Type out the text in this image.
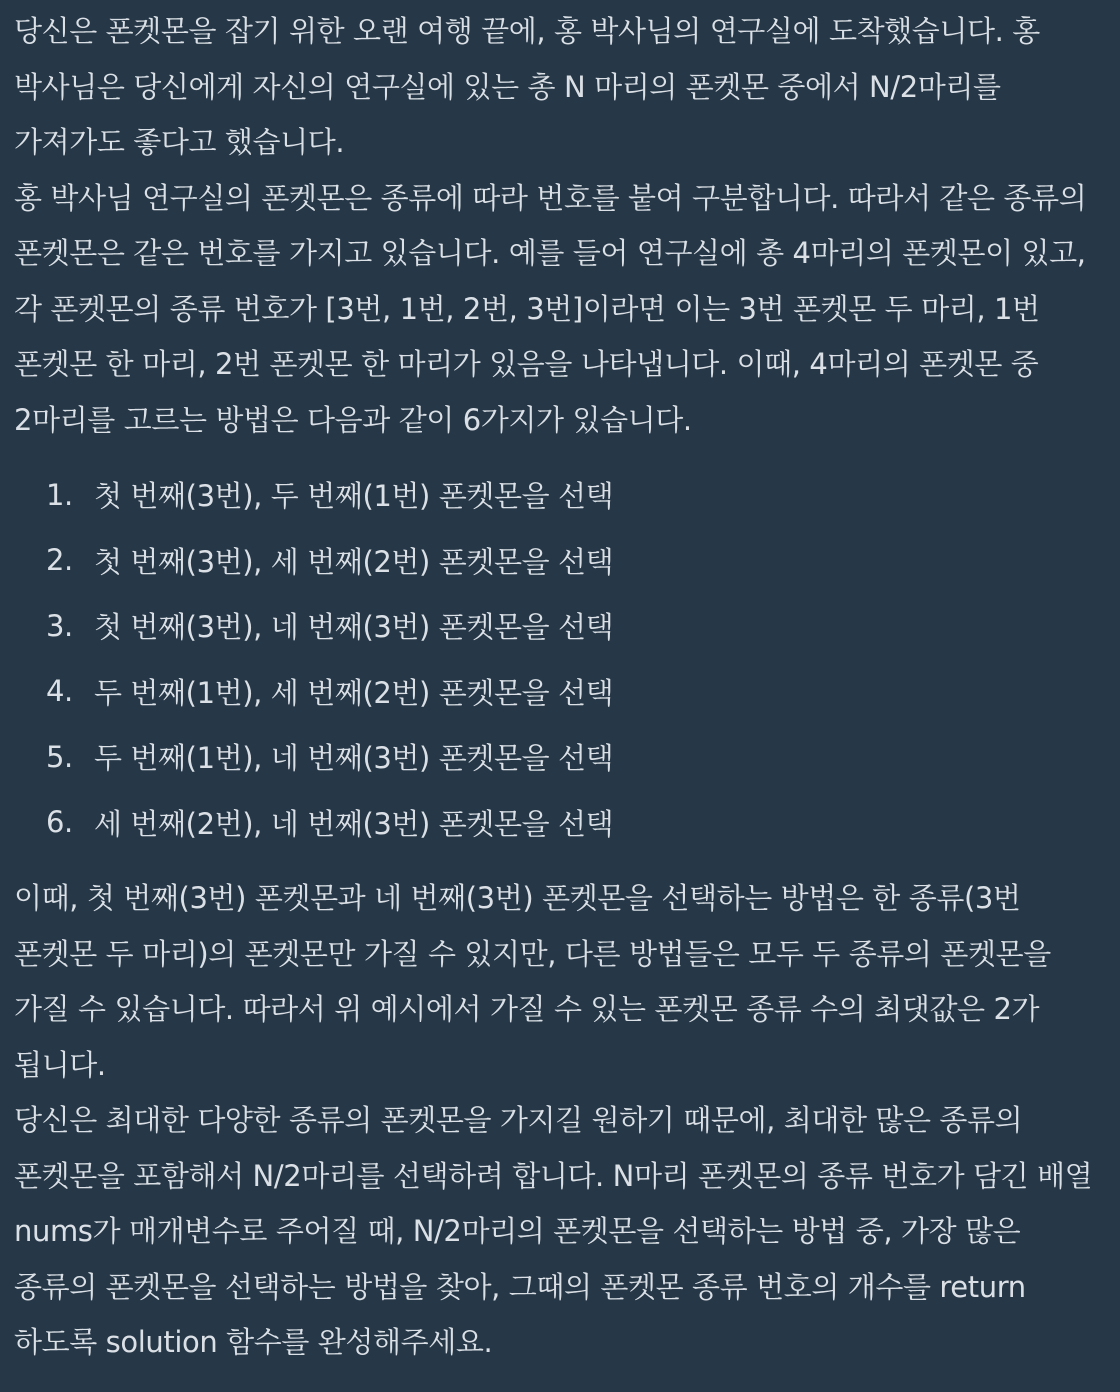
당신은 폰켓몬을 잡기 위한 오랜 여행 끝에, 홍 박사님의 연구실에 도착했습니다. 홍 박사님은 당신에게 자신의 연구실에 있는 총 N 마리의 폰켓몬 중에서 N/2마리를 가져가도 좋다고 했습니다.

홍 박사님 연구실의 폰켓몬은 종류에 따라 번호를 붙여 구분합니다. 따라서 같은 종류의 폰켓몬은 같은 번호를 가지고 있습니다. 예를 들어 연구실에 총 4마리의 폰켓몬이 있고, 각 폰켓몬의 종류 번호가 [3번, 1번, 2번, 3번]이라면 이는 3번 폰켓몬 두 마리, 1번 폰켓몬 한 마리, 2번 폰켓몬 한 마리가 있음을 나타냅니다. 이때, 4마리의 폰켓몬 중 2마리를 고르는 방법은 다음과 같이 6가지가 있습니다.

1. 첫 번째(3번), 두 번째(1번) 폰켓몬을 선택
2. 첫 번째(3번), 세 번째(2번) 폰켓몬을 선택
3. 첫 번째(3번), 네 번째(3번) 폰켓몬을 선택
4. 두 번째(1번), 세 번째(2번) 폰켓몬을 선택
5. 두 번째(1번), 네 번째(3번) 폰켓몬을 선택
6. 세 번째(2번), 네 번째(3번) 폰켓몬을 선택

이때, 첫 번째(3번) 폰켓몬과 네 번째(3번) 폰켓몬을 선택하는 방법은 한 종류(3번 폰켓몬 두 마리)의 폰켓몬만 가질 수 있지만, 다른 방법들은 모두 두 종류의 폰켓몬을 가질 수 있습니다. 따라서 위 예시에서 가질 수 있는 폰켓몬 종류 수의 최댓값은 2가 됩니다.

당신은 최대한 다양한 종류의 폰켓몬을 가지길 원하기 때문에, 최대한 많은 종류의 폰켓몬을 포함해서 N/2마리를 선택하려 합니다. N마리 폰켓몬의 종류 번호가 담긴 배열 nums가 매개변수로 주어질 때, N/2마리의 폰켓몬을 선택하는 방법 중, 가장 많은 종류의 폰켓몬을 선택하는 방법을 찾아, 그때의 폰켓몬 종류 번호의 개수를 return 하도록 solution 함수를 완성해주세요.
